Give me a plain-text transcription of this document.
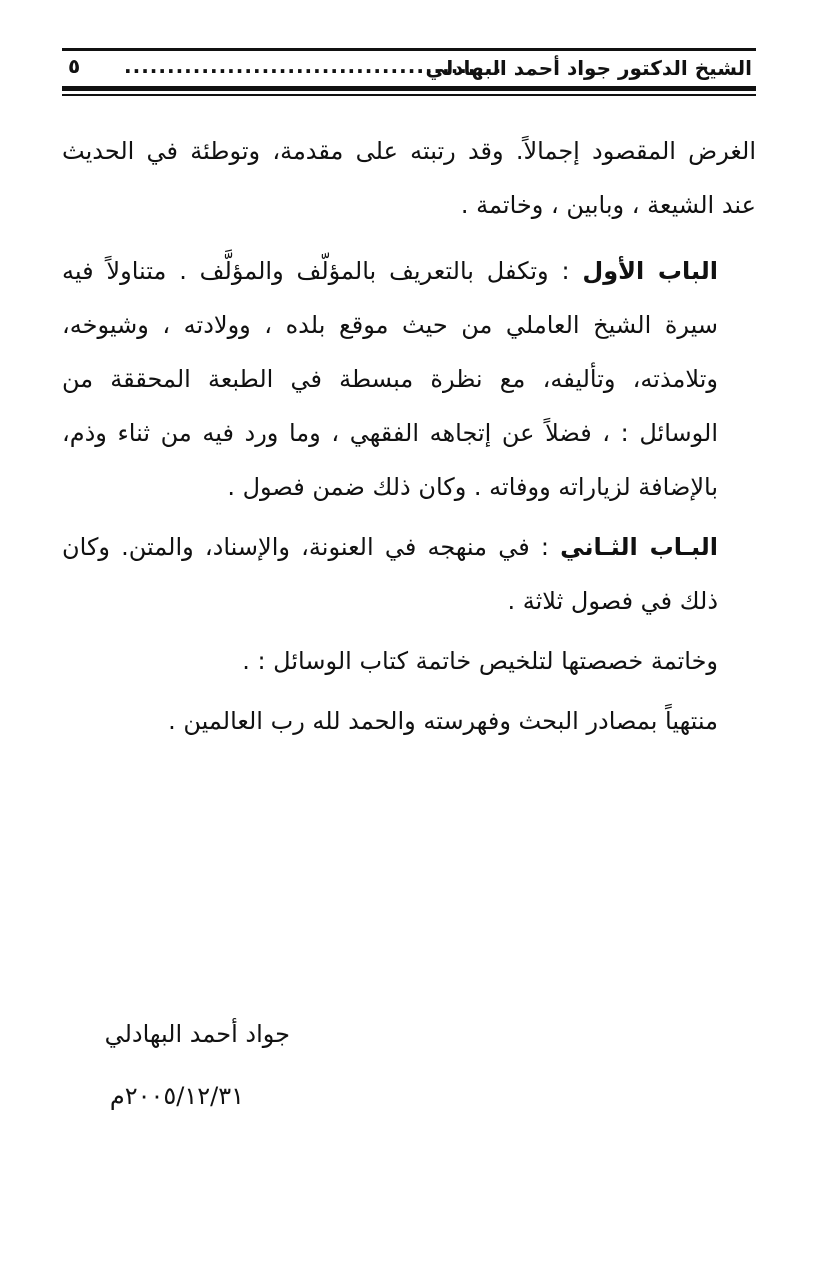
الشيخ الدكتور جواد أحمد البهادلي
............................................
٥

الغرض المقصود إجمالاً. وقد رتبته على مقدمة، وتوطئة في الحديث عند الشيعة ، وبابين ، وخاتمة .

الباب الأول : وتكفل بالتعريف بالمؤلّف والمؤلَّف . متناولاً فيه سيرة الشيخ العاملي من حيث موقع بلده ، وولادته ، وشيوخه، وتلامذته، وتأليفه، مع نظرة مبسطة في الطبعة المحققة من الوسائل : ، فضلاً عن إتجاهه الفقهي ، وما ورد فيه من ثناء وذم، بالإضافة لزياراته ووفاته . وكان ذلك ضمن فصول .

البـاب الثـاني : في منهجه في العنونة، والإسناد، والمتن. وكان ذلك في فصول ثلاثة .

وخاتمة خصصتها لتلخيص خاتمة كتاب الوسائل : .

منتهياً بمصادر البحث وفهرسته والحمد لله رب العالمين .

جواد أحمد البهادلي
٢٠٠٥/١٢/٣١م
